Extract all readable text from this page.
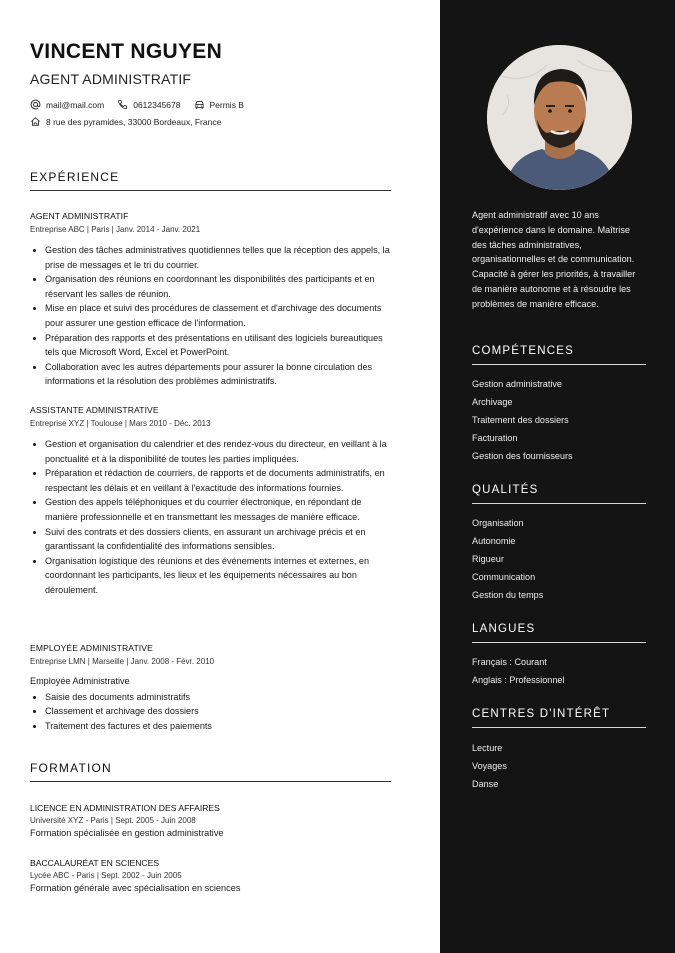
VINCENT NGUYEN
AGENT ADMINISTRATIF
mail@mail.com	0612345678	Permis B
8 rue des pyramides, 33000 Bordeaux, France
EXPÉRIENCE
AGENT ADMINISTRATIF
Entreprise ABC | Paris | Janv. 2014 - Janv. 2021
• Gestion des tâches administratives quotidiennes telles que la réception des appels, la prise de messages et le tri du courrier.
• Organisation des réunions en coordonnant les disponibilités des participants et en réservant les salles de réunion.
• Mise en place et suivi des procédures de classement et d'archivage des documents pour assurer une gestion efficace de l'information.
• Préparation des rapports et des présentations en utilisant des logiciels bureautiques tels que Microsoft Word, Excel et PowerPoint.
• Collaboration avec les autres départements pour assurer la bonne circulation des informations et la résolution des problèmes administratifs.
ASSISTANTE ADMINISTRATIVE
Entreprise XYZ | Toulouse | Mars 2010 - Déc. 2013
• Gestion et organisation du calendrier et des rendez-vous du directeur, en veillant à la ponctualité et à la disponibilité de toutes les parties impliquées.
• Préparation et rédaction de courriers, de rapports et de documents administratifs, en respectant les délais et en veillant à l'exactitude des informations fournies.
• Gestion des appels téléphoniques et du courrier électronique, en répondant de manière professionnelle et en transmettant les messages de manière efficace.
• Suivi des contrats et des dossiers clients, en assurant un archivage précis et en garantissant la confidentialité des informations sensibles.
• Organisation logistique des réunions et des événements internes et externes, en coordonnant les participants, les lieux et les équipements nécessaires au bon déroulement.
EMPLOYÉE ADMINISTRATIVE
Entreprise LMN | Marseille | Janv. 2008 - Févr. 2010
Employée Administrative
• Saisie des documents administratifs
• Classement et archivage des dossiers
• Traitement des factures et des paiements
FORMATION
LICENCE EN ADMINISTRATION DES AFFAIRES
Université XYZ - Paris | Sept. 2005 - Juin 2008
Formation spécialisée en gestion administrative
BACCALAURÉAT EN SCIENCES
Lycée ABC - Paris | Sept. 2002 - Juin 2005
Formation générale avec spécialisation en sciences
Agent administratif avec 10 ans d'expérience dans le domaine. Maîtrise des tâches administratives, organisationnelles et de communication. Capacité à gérer les priorités, à travailler de manière autonome et à résoudre les problèmes de manière efficace.
COMPÉTENCES
Gestion administrative
Archivage
Traitement des dossiers
Facturation
Gestion des fournisseurs
QUALITÉS
Organisation
Autonomie
Rigueur
Communication
Gestion du temps
LANGUES
Français : Courant
Anglais : Professionnel
CENTRES D'INTÉRÊT
Lecture
Voyages
Danse
